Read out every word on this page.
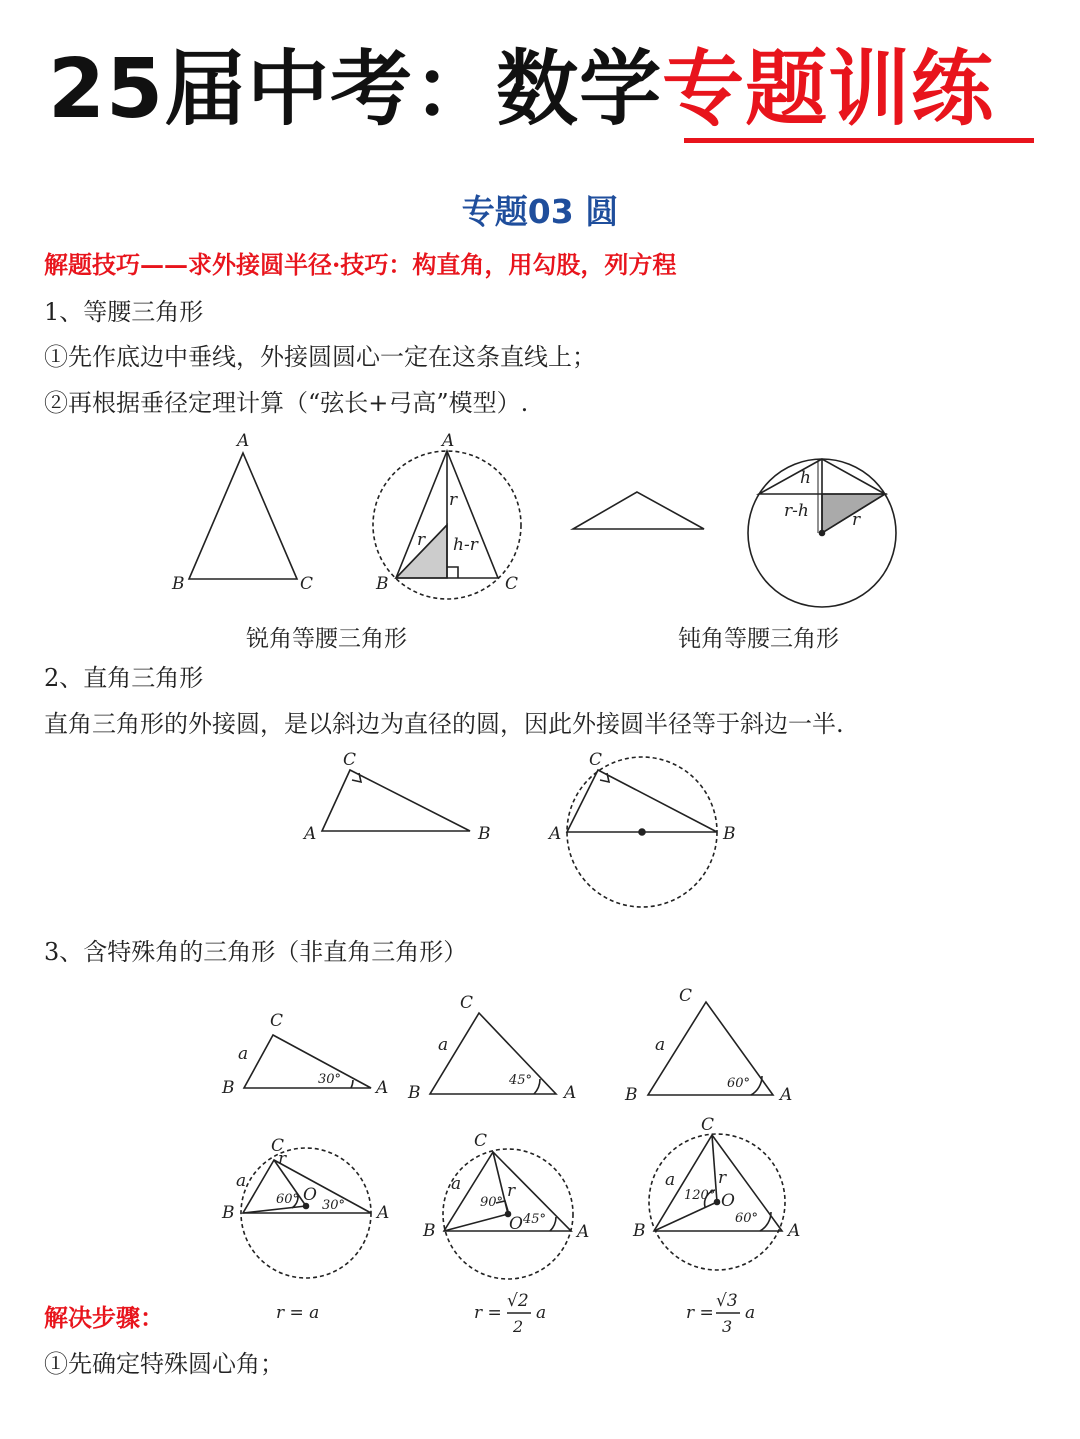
25届中考：数学专题训练
专题03 圆
解题技巧——求外接圆半径·技巧：构直角，用勾股，列方程
1、等腰三角形
①先作底边中垂线，外接圆圆心一定在这条直线上；
②再根据垂径定理计算（“弦长+弓高”模型）.
A
B	C
A
B	C
r
r h-r
h
r-h	r
C
A	B
C
A	B
C
a
B	A
30°
C
a
B	A
45°
C
a
B	A
60°
C
a
B	A
r
O
60° 30°
C
a
B	A
r
O
90°
45°
C
a
B	A
r
O
120°
60°
r = a	r =
√2
2
a	r =
√3
3
a
锐角等腰三角形	钝角等腰三角形
2、直角三角形
直角三角形的外接圆，是以斜边为直径的圆，因此外接圆半径等于斜边一半.
3、含特殊角的三角形（非直角三角形）
解决步骤：
①先确定特殊圆心角；
